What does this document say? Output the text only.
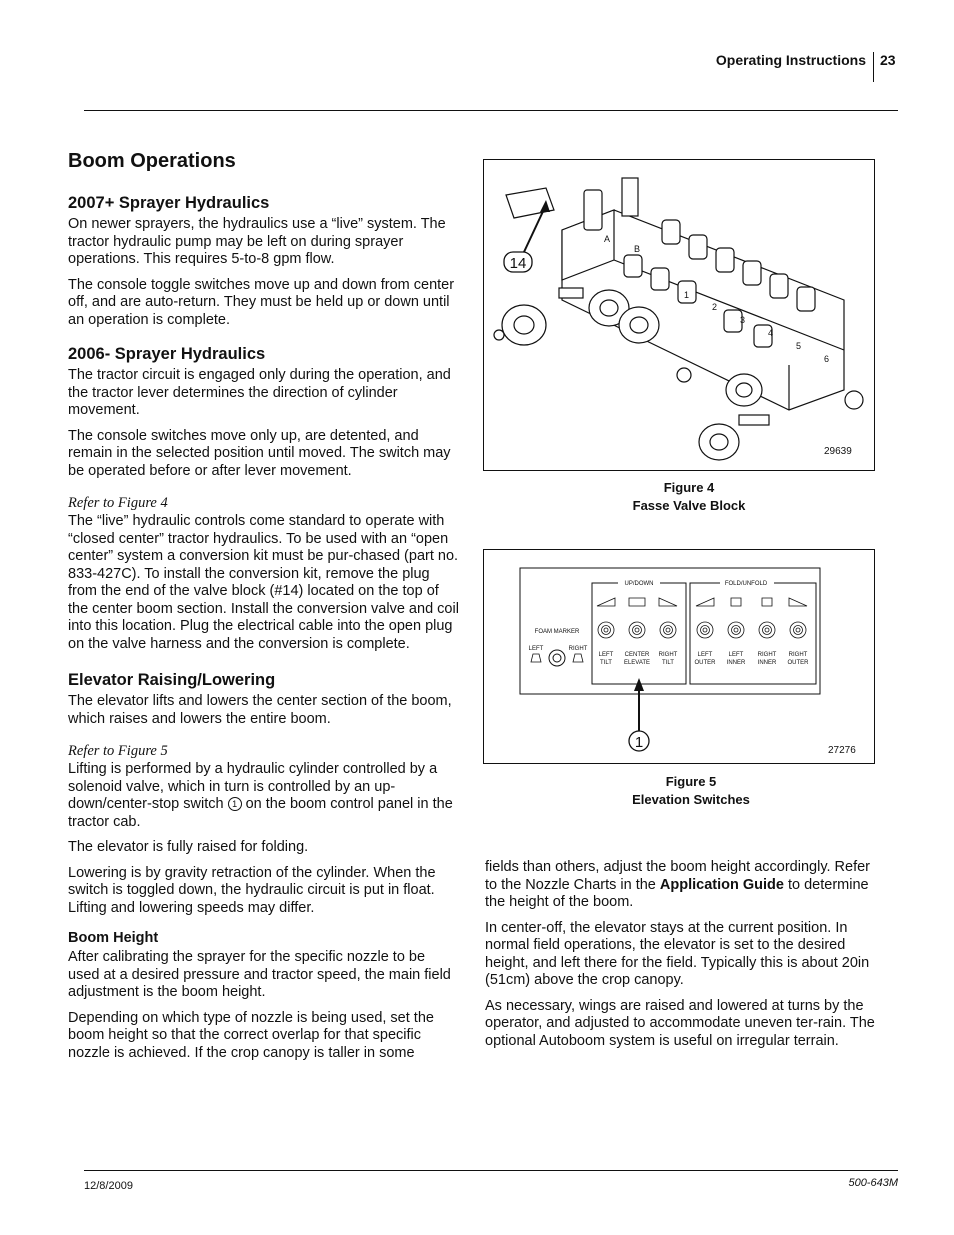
Operating Instructions 23
Boom Operations
2007+ Sprayer Hydraulics

On newer sprayers, the hydraulics use a “live” system. The tractor hydraulic pump may be left on during sprayer operations. This requires 5-to-8 gpm flow.

The console toggle switches move up and down from center off, and are auto-return. They must be held up or down until an operation is complete.

2006- Sprayer Hydraulics

The tractor circuit is engaged only during the operation, and the tractor lever determines the direction of cylinder movement.

The console switches move only up, are detented, and remain in the selected position until moved. The switch may be operated before or after lever movement.

Refer to Figure 4

The “live” hydraulic controls come standard to operate with “closed center” tractor hydraulics. To be used with an “open center” system a conversion kit must be pur-chased (part no. 833-427C). To install the conversion kit, remove the plug from the end of the valve block (#14) located on the top of the center boom section. Install the conversion valve and coil into this location. Plug the electrical cable into the open plug on the valve harness and the conversion is complete.

Elevator Raising/Lowering

The elevator lifts and lowers the center section of the boom, which raises and lowers the entire boom.

Refer to Figure 5

Lifting is performed by a hydraulic cylinder controlled by a solenoid valve, which in turn is controlled by an up-down/center-stop switch 1 on the boom control panel in the tractor cab.

The elevator is fully raised for folding.

Lowering is by gravity retraction of the cylinder. When the switch is toggled down, the hydraulic circuit is put in float. Lifting and lowering speeds may differ.

Boom Height

After calibrating the sprayer for the specific nozzle to be used at a desired pressure and tractor speed, the main field adjustment is the boom height.

Depending on which type of nozzle is being used, set the boom height so that the correct overlap for that specific nozzle is achieved. If the crop canopy is taller in some

fields than others, adjust the boom height accordingly. Refer to the Nozzle Charts in the Application Guide to determine the height of the boom.

In center-off, the elevator stays at the current position. In normal field operations, the elevator is set to the desired height, and left there for the field. Typically this is about 20in (51cm) above the crop canopy.

As necessary, wings are raised and lowered at turns by the operator, and adjusted to accommodate uneven ter-rain. The optional Autoboom system is useful on irregular terrain.

A
B
1
2
3
4
5
6
14
29639
Figure 4
Fasse Valve Block
FOAM MARKER
LEFT	RIGHT
UP/DOWN	FOLD/UNFOLD
LEFT
TILT
CENTER
ELEVATE
RIGHT
TILT
LEFT
OUTER
LEFT
INNER
RIGHT
INNER
RIGHT
OUTER
1	27276
Figure 5
Elevation Switches
12/8/2009	500-643M
